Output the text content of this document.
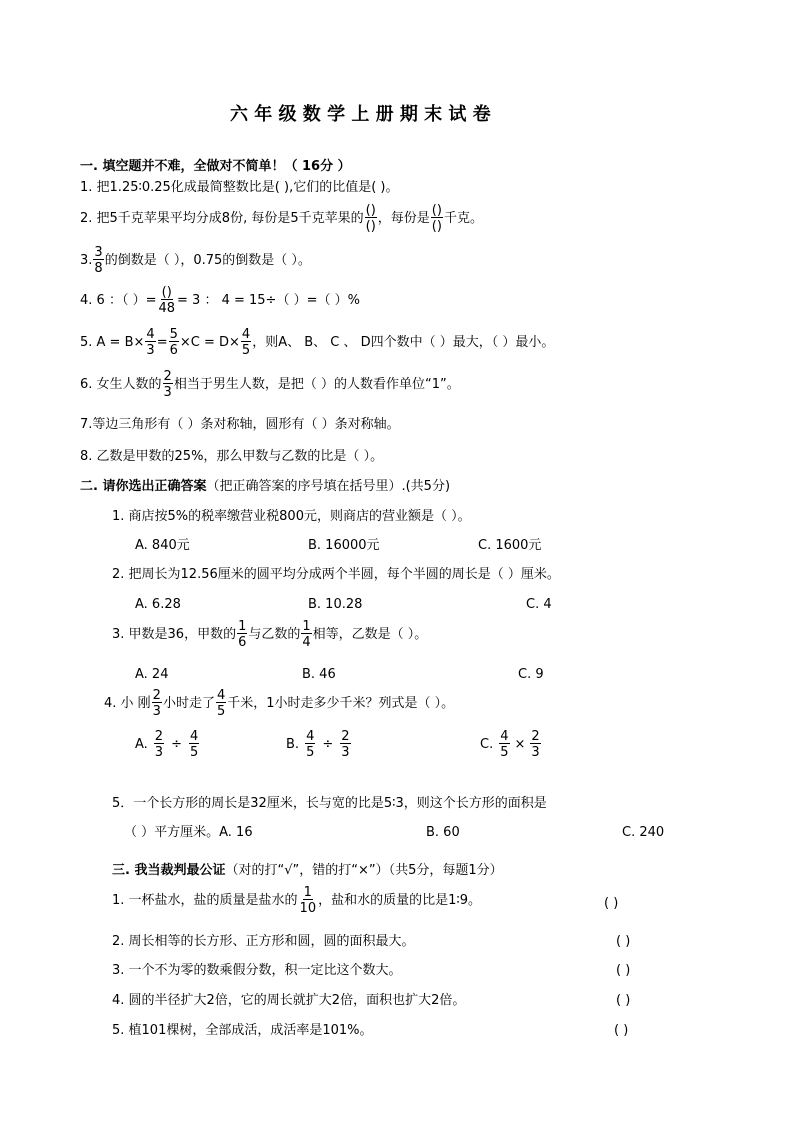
六 年 级 数 学 上 册 期 末 试 卷
一. 填空题并不难，全做对不简单！（ 16分 ）
1. 把1.25∶0.25化成最简整数比是( ),它们的比值是( )。
2. 把5千克苹果平均分成8份, 每份是5千克苹果的 $\frac{()}{()}$ ，每份是 $\frac{()}{()}$ 千克。
3. $\frac{3}{8}$ 的倒数是（ ），0.75的倒数是（ ）。
4. 6 ：（ ）= $\frac{()}{48} = 3$ ： 4 = 15÷（ ）=（ ）%
5. $A = B\times \frac{4}{3} = \frac{5}{6} \times C = D\times \frac{4}{5}$ ，则A、 B、 C 、 D四个数中（ ）最大，（ ）最小。
6. 女生人数的 $\frac{2}{3}$ 相当于男生人数，是把（ ）的人数看作单位“1”。
7.等边三角形有（ ）条对称轴，圆形有（ ）条对称轴。
8. 乙数是甲数的25%，那么甲数与乙数的比是（ ）。
二. 请你选出正确答案（把正确答案的序号填在括号里）.(共5分)
1. 商店按5%的税率缴营业税800元，则商店的营业额是（ ）。
A. 840元	B. 16000元	C. 1600元
2. 把周长为12.56厘米的圆平均分成两个半圆，每个半圆的周长是（ ）厘米。
A. 6.28	B. 10.28	C. 4
3. 甲数是36，甲数的 $\frac{1}{6}$ 与乙数的 $\frac{1}{4}$ 相等，乙数是（ ）。
A. 24	B. 46	C. 9
4. 小 刚 $\frac{2}{3}$ 小时走了 $\frac{4}{5}$ 千米，1小时走多少千米？列式是（ ）。
A. $\frac{2}{3} \div \frac{4}{5}$	B. $\frac{4}{5} \div \frac{2}{3}$	C. $\frac{4}{5} \times \frac{2}{3}$
5．一个长方形的周长是32厘米，长与宽的比是5∶3，则这个长方形的面积是
（ ）平方厘米。A. 16	B. 60	C. 240
三. 我当裁判最公证（对的打“√”，错的打“×”）（共5分，每题1分）
1. 一杯盐水，盐的质量是盐水的 $\frac{1}{10}$ ，盐和水的质量的比是1∶9。	( )
2. 周长相等的长方形、正方形和圆，圆的面积最大。	( )
3. 一个不为零的数乘假分数，积一定比这个数大。	( )
4. 圆的半径扩大2倍，它的周长就扩大2倍，面积也扩大2倍。	( )
5. 植101棵树，全部成活，成活率是101%。	( )
